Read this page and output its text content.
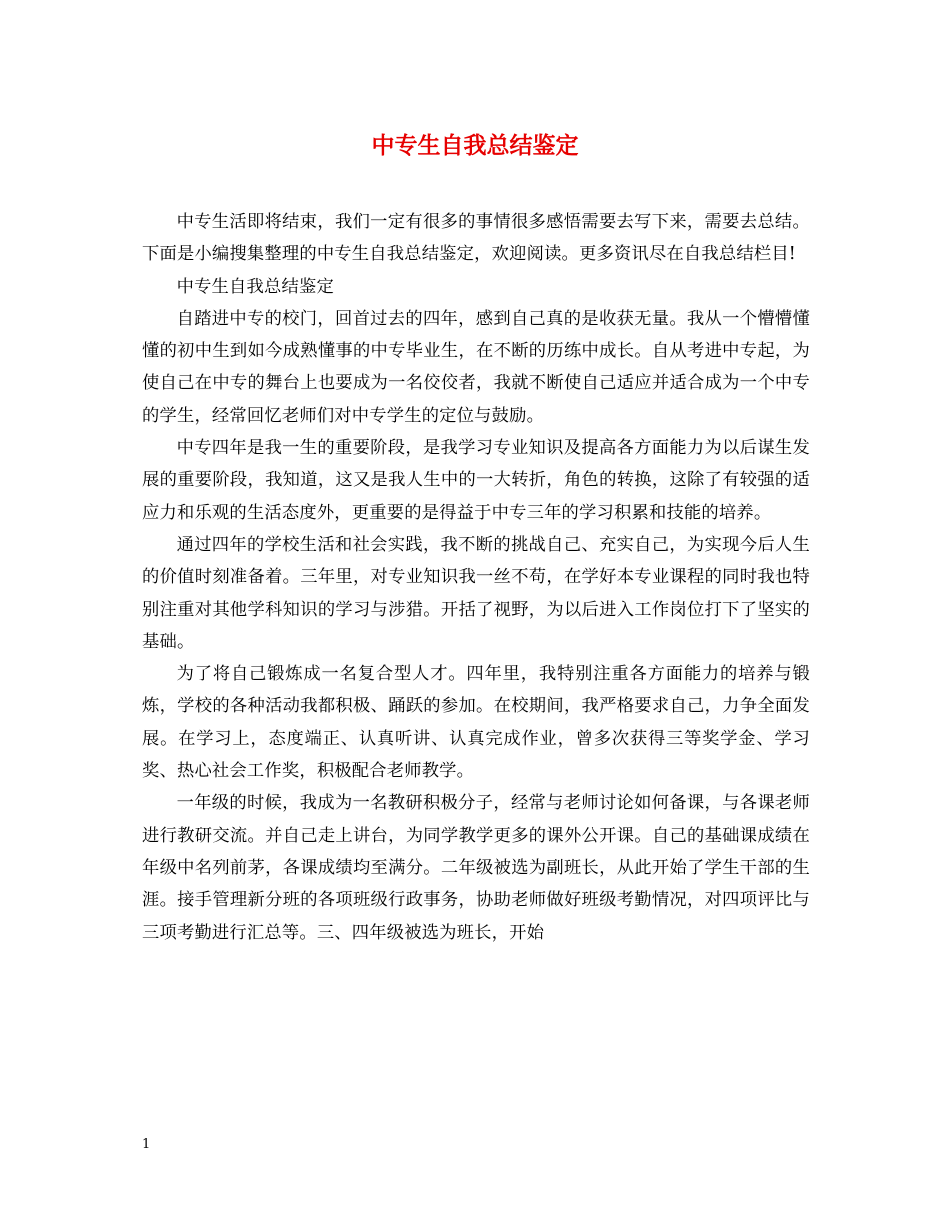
中专生自我总结鉴定

中专生活即将结束，我们一定有很多的事情很多感悟需要去写下来，需要去总结。下面是小编搜集整理的中专生自我总结鉴定，欢迎阅读。更多资讯尽在自我总结栏目!

中专生自我总结鉴定

自踏进中专的校门，回首过去的四年，感到自己真的是收获无量。我从一个懵懵懂懂的初中生到如今成熟懂事的中专毕业生，在不断的历练中成长。自从考进中专起，为使自己在中专的舞台上也要成为一名佼佼者，我就不断使自己适应并适合成为一个中专的学生，经常回忆老师们对中专学生的定位与鼓励。

中专四年是我一生的重要阶段，是我学习专业知识及提高各方面能力为以后谋生发展的重要阶段，我知道，这又是我人生中的一大转折，角色的转换，这除了有较强的适应力和乐观的生活态度外，更重要的是得益于中专三年的学习积累和技能的培养。

通过四年的学校生活和社会实践，我不断的挑战自己、充实自己，为实现今后人生的价值时刻准备着。三年里，对专业知识我一丝不苟，在学好本专业课程的同时我也特别注重对其他学科知识的学习与涉猎。开括了视野，为以后进入工作岗位打下了坚实的基础。

为了将自己锻炼成一名复合型人才。四年里，我特别注重各方面能力的培养与锻炼，学校的各种活动我都积极、踊跃的参加。在校期间，我严格要求自己，力争全面发展。在学习上，态度端正、认真听讲、认真完成作业，曾多次获得三等奖学金、学习奖、热心社会工作奖，积极配合老师教学。

一年级的时候，我成为一名教研积极分子，经常与老师讨论如何备课，与各课老师进行教研交流。并自己走上讲台，为同学教学更多的课外公开课。自己的基础课成绩在年级中名列前茅，各课成绩均至满分。二年级被选为副班长，从此开始了学生干部的生涯。接手管理新分班的各项班级行政事务，协助老师做好班级考勤情况，对四项评比与三项考勤进行汇总等。三、四年级被选为班长，开始

1
